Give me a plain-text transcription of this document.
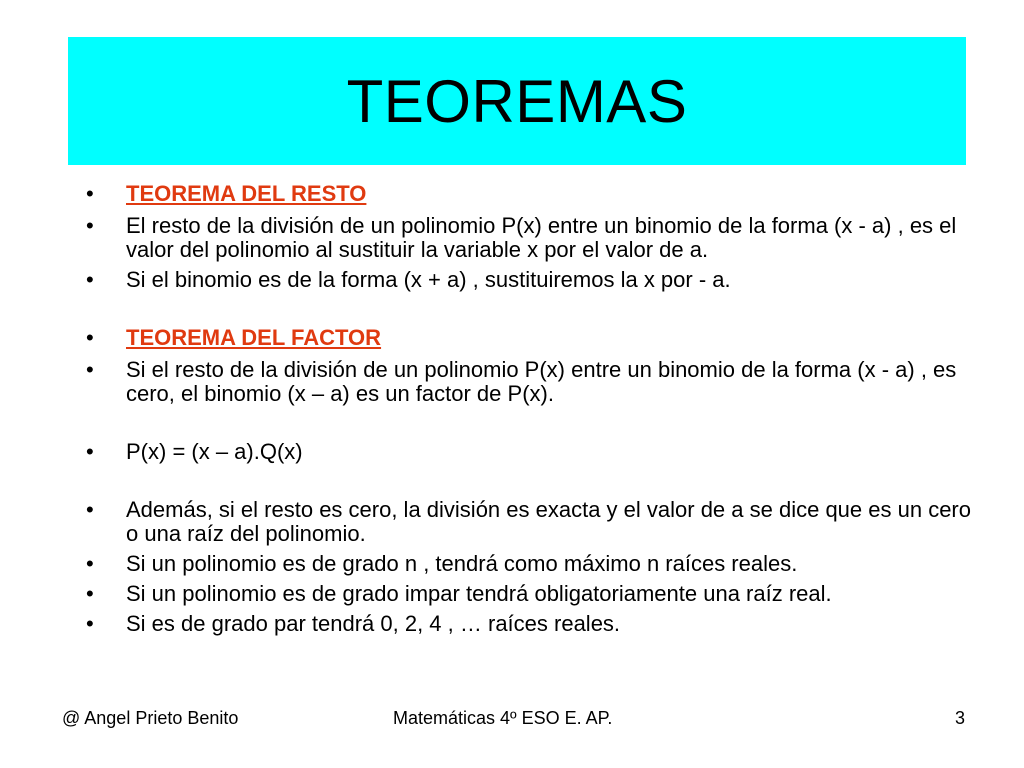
TEOREMAS

• TEOREMA DEL RESTO

• El resto de la división de un polinomio P(x) entre un binomio de la forma (x - a) , es el valor del polinomio al sustituir la variable x por el valor de a.

• Si el binomio es de la forma (x + a) , sustituiremos la x por - a.

• TEOREMA DEL FACTOR

• Si el resto de la división de un polinomio P(x) entre un binomio de la forma (x - a) , es cero, el binomio (x – a) es un factor de P(x).

• P(x) = (x – a).Q(x)

• Además, si el resto es cero, la división es exacta y el valor de a se dice que es un cero o una raíz del polinomio.

• Si un polinomio es de grado n , tendrá como máximo n raíces reales.

• Si un polinomio es de grado impar tendrá obligatoriamente una raíz real.

• Si es de grado par tendrá 0, 2, 4 , … raíces reales.

@ Angel Prieto Benito	Matemáticas 4º ESO E. AP.	3
